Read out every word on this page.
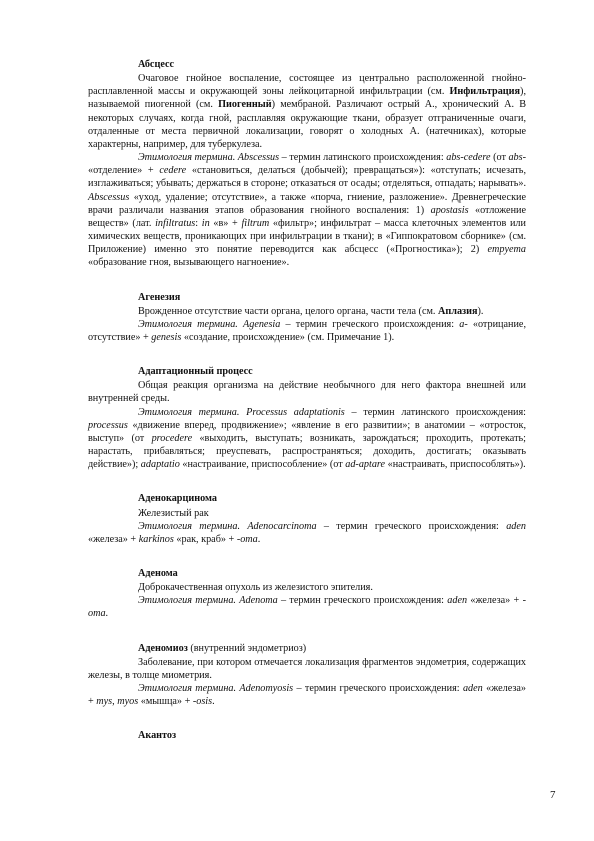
Абсцесс

Очаговое гнойное воспаление, состоящее из центрально расположенной гнойно-расплавленной массы и окружающей зоны лейкоцитарной инфильтрации (см. Инфильтрация), называемой пиогенной (см. Пиогенный) мембраной. Различают острый А., хронический А. В некоторых случаях, когда гной, расплавляя окружающие ткани, образует отграниченные очаги, отдаленные от места первичной локализации, говорят о холодных А. (натечниках), которые характерны, например, для туберкулеза.

Этимология термина. Abscessus – термин латинского происхождения: abs-cedere (от abs- «отделение» + cedere «становиться, делаться (добычей); превращаться»): «отступать; исчезать, изглаживаться; убывать; держаться в стороне; отказаться от осады; отделяться, отпадать; нарывать». Abscessus «уход, удаление; отсутствие», а также «порча, гниение, разложение». Древнегреческие врачи различали названия этапов образования гнойного воспаления: 1) apostasis «отложение веществ» (лат. infiltratus: in «в» + filtrum «фильтр»; инфильтрат – масса клеточных элементов или химических веществ, проникающих при инфильтрации в ткани); в «Гиппократовом сборнике» (см. Приложение) именно это понятие переводится как абсцесс («Прогностика»); 2) empyema «образование гноя, вызывающего нагноение».

Агенезия

Врожденное отсутствие части органа, целого органа, части тела (см. Аплазия).

Этимология термина. Agenesia – термин греческого происхождения: a- «отрицание, отсутствие» + genesis «создание, происхождение» (см. Примечание 1).

Адаптационный процесс

Общая реакция организма на действие необычного для него фактора внешней или внутренней среды.

Этимология термина. Processus adaptationis – термин латинского происхождения: processus «движение вперед, продвижение»; «явление в его развитии»; в анатомии – «отросток, выступ» (от procedere «выходить, выступать; возникать, зарождаться; проходить, протекать; нарастать, прибавляться; преуспевать, распространяться; доходить, достигать; оказывать действие»); adaptatio «настраивание, приспособление» (от ad-aptare «настраивать, приспособлять»).

Аденокарцинома

Железистый рак

Этимология термина. Adenocarcinoma – термин греческого происхождения: aden «железа» + karkinos «рак, краб» + -oma.

Аденома

Доброкачественная опухоль из железистого эпителия.

Этимология термина. Adenoma – термин греческого происхождения: aden «железа» + -oma.

Аденомиоз (внутренний эндометриоз)

Заболевание, при котором отмечается локализация фрагментов эндометрия, содержащих железы, в толще миометрия.

Этимология термина. Adenomyosis – термин греческого происхождения: aden «железа» + mys, myos «мышца» + -osis.

Акантоз
7
